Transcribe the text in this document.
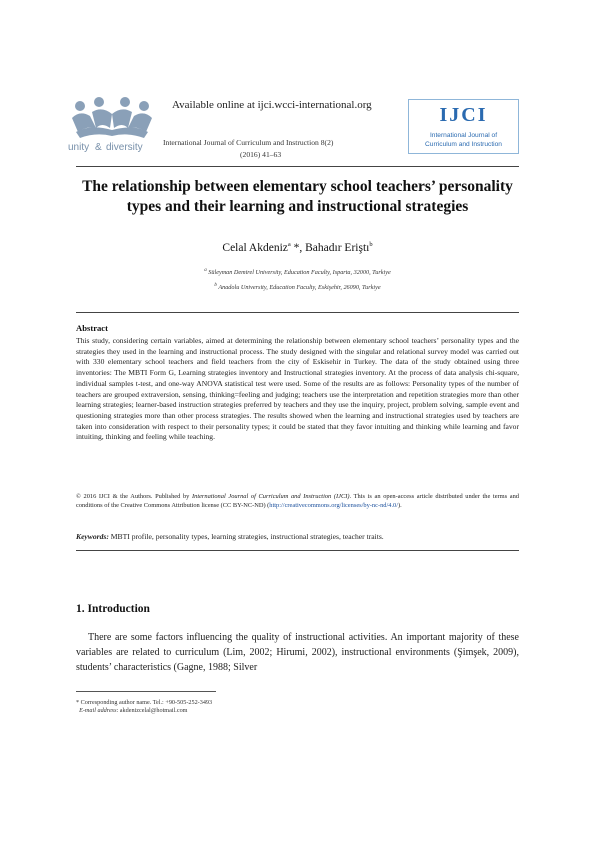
unity & diversity
Available online at ijci.wcci-international.org
International Journal of Curriculum and Instruction 8(2)
(2016) 41–63
IJCI
International Journal of
Curriculum and Instruction
The relationship between elementary school teachers’ personality types and their learning and instructional strategies
Celal Akdeniz$^a$ *, Bahadır Eriştı$^b$
$^a$ Süleyman Demirel University, Education Faculty, Isparta, 32000, Turkiye
$^b$ Anadolu University, Education Faculty, Eskişehir, 26090, Turkiye
Abstract
This study, considering certain variables, aimed at determining the relationship between elementary school teachers’ personality types and the strategies they used in the learning and instructional process. The study designed with the singular and relational survey model was carried out with 330 elementary school teachers and field teachers from the city of Eskisehir in Turkey. The data of the study obtained using three inventories: The MBTI Form G, Learning strategies inventory and Instructional strategies inventory. At the process of data analysis chi-square, individual samples t-test, and one-way ANOVA statistical test were used. Some of the results are as follows: Personality types of the number of teachers are grouped extraversion, sensing, thinking=feeling and judging; teachers use the interpretation and repetition strategies more than other learning strategies; learner-based instruction strategies preferred by teachers and they use the inquiry, project, problem solving, sample event and questioning strategies more than other process strategies. The results showed when the learning and instructional strategies used by teachers are taken into consideration with respect to their personality types; it could be stated that they favor intuiting and thinking while learning and favor intuiting, thinking and feeling while teaching.
© 2016 IJCI & the Authors. Published by International Journal of Curriculum and Instruction (IJCI). This is an open-access article distributed under the terms and conditions of the Creative Commons Attribution license (CC BY-NC-ND) (http://creativecommons.org/licenses/by-nc-nd/4.0/).
Keywords: MBTI profile, personality types, learning strategies, instructional strategies, teacher traits.
1. Introduction
There are some factors influencing the quality of instructional activities. An important majority of these variables are related to curriculum (Lim, 2002; Hirumi, 2002), instructional environments (Şimşek, 2009), students’ characteristics (Gagne, 1988; Silver
* Corresponding author name. Tel.: +90-505-252-3493
E-mail address: akdenizcelal@hotmail.com
